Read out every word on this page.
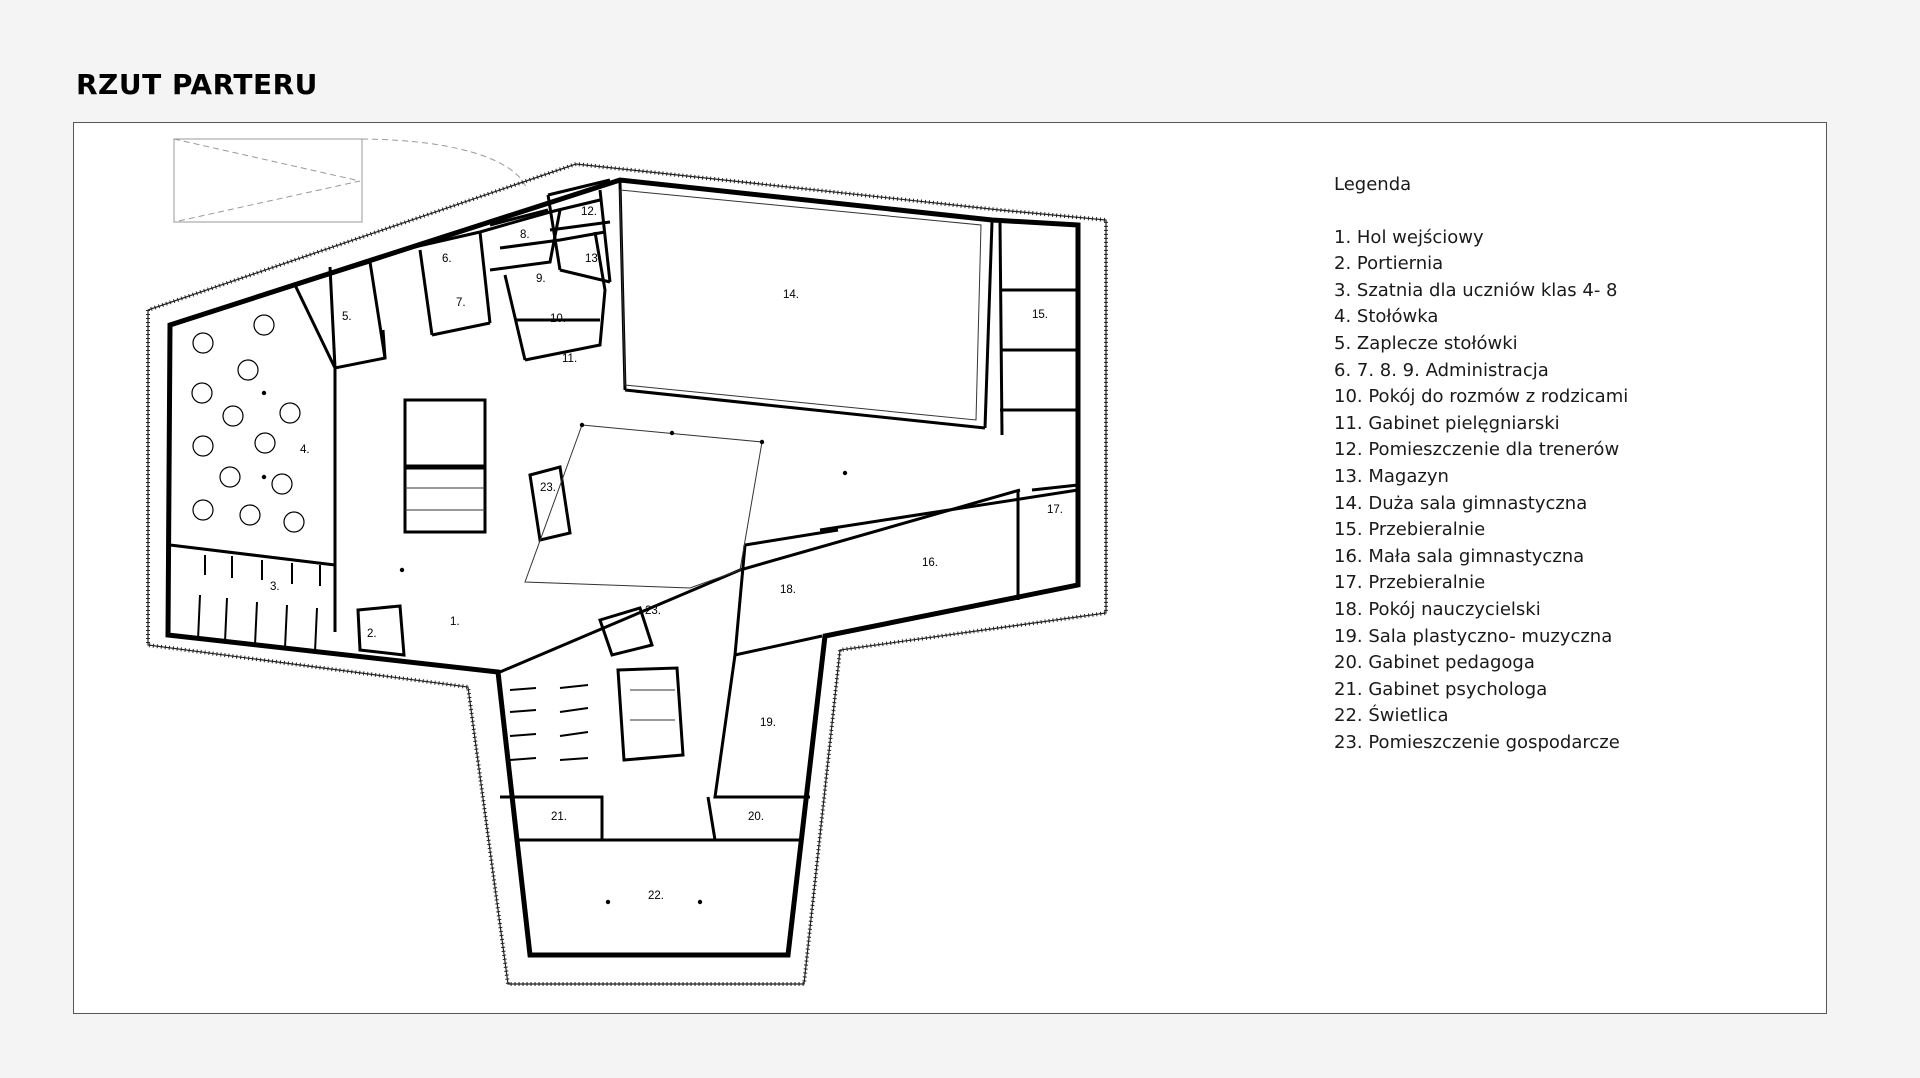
RZUT PARTERU
1.
2.
3.
4.
5.
6.
7.
8.
9.
10.
11.
12.
13.
14.
15.
16.
17.
18.
19.
20.
21.
22.
23.
23.
Legenda
1. Hol wejściowy
2. Portiernia
3. Szatnia dla uczniów klas 4- 8
4. Stołówka
5. Zaplecze stołówki
6. 7. 8. 9. Administracja
10. Pokój do rozmów z rodzicami
11. Gabinet pielęgniarski
12. Pomieszczenie dla trenerów
13. Magazyn
14. Duża sala gimnastyczna
15. Przebieralnie
16. Mała sala gimnastyczna
17. Przebieralnie
18. Pokój nauczycielski
19. Sala plastyczno- muzyczna
20. Gabinet pedagoga
21. Gabinet psychologa
22. Świetlica
23. Pomieszczenie gospodarcze
